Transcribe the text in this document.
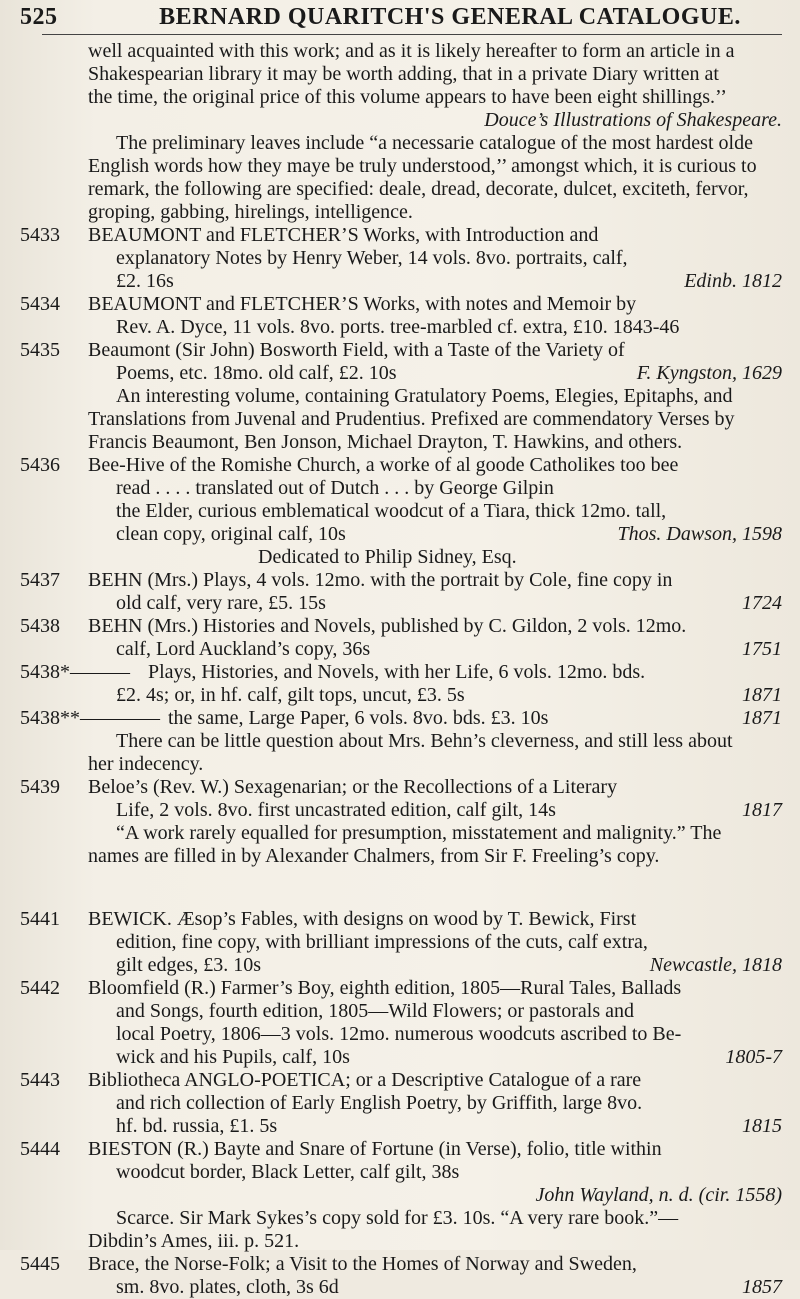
525	BERNARD QUARITCH'S GENERAL CATALOGUE.
well acquainted with this work; and as it is likely hereafter to form an article in a
Shakespearian library it may be worth adding, that in a private Diary written at
the time, the original price of this volume appears to have been eight shillings.’’
Douce’s Illustrations of Shakespeare.
The preliminary leaves include “a necessarie catalogue of the most hardest olde
English words how they maye be truly understood,’’ amongst which, it is curious to
remark, the following are specified: deale, dread, decorate, dulcet, exciteth, fervor,
groping, gabbing, hirelings, intelligence.
5433	BEAUMONT and FLETCHER’S Works, with Introduction and
explanatory Notes by Henry Weber, 14 vols. 8vo. portraits, calf,
£2. 16s	Edinb. 1812
5434	BEAUMONT and FLETCHER’S Works, with notes and Memoir by
Rev. A. Dyce, 11 vols. 8vo. ports. tree-marbled cf. extra, £10. 1843-46
5435	Beaumont (Sir John) Bosworth Field, with a Taste of the Variety of
Poems, etc. 18mo. old calf, £2. 10s	F. Kyngston, 1629
An interesting volume, containing Gratulatory Poems, Elegies, Epitaphs, and
Translations from Juvenal and Prudentius. Prefixed are commendatory Verses by
Francis Beaumont, Ben Jonson, Michael Drayton, T. Hawkins, and others.
5436	Bee-Hive of the Romishe Church, a worke of al goode Catholikes too bee
read . . . . translated out of Dutch . . . by George Gilpin
the Elder, curious emblematical woodcut of a Tiara, thick 12mo. tall,
clean copy, original calf, 10s	Thos. Dawson, 1598
Dedicated to Philip Sidney, Esq.
5437	BEHN (Mrs.) Plays, 4 vols. 12mo. with the portrait by Cole, fine copy in
old calf, very rare, £5. 15s	1724
5438	BEHN (Mrs.) Histories and Novels, published by C. Gildon, 2 vols. 12mo.
calf, Lord Auckland’s copy, 36s	1751
5438*——— Plays, Histories, and Novels, with her Life, 6 vols. 12mo. bds.
£2. 4s; or, in hf. calf, gilt tops, uncut, £3. 5s	1871
5438**———— the same, Large Paper, 6 vols. 8vo. bds. £3. 10s	1871
There can be little question about Mrs. Behn’s cleverness, and still less about
her indecency.
5439	Beloe’s (Rev. W.) Sexagenarian; or the Recollections of a Literary
Life, 2 vols. 8vo. first uncastrated edition, calf gilt, 14s	1817
“A work rarely equalled for presumption, misstatement and malignity.” The
names are filled in by Alexander Chalmers, from Sir F. Freeling’s copy.
5441	BEWICK. Æsop’s Fables, with designs on wood by T. Bewick, First
edition, fine copy, with brilliant impressions of the cuts, calf extra,
gilt edges, £3. 10s	Newcastle, 1818
5442	Bloomfield (R.) Farmer’s Boy, eighth edition, 1805—Rural Tales, Ballads
and Songs, fourth edition, 1805—Wild Flowers; or pastorals and
local Poetry, 1806—3 vols. 12mo. numerous woodcuts ascribed to Be-
wick and his Pupils, calf, 10s	1805-7
5443	Bibliotheca ANGLO-POETICA; or a Descriptive Catalogue of a rare
and rich collection of Early English Poetry, by Griffith, large 8vo.
hf. bd. russia, £1. 5s	1815
5444	BIESTON (R.) Bayte and Snare of Fortune (in Verse), folio, title within
woodcut border, Black Letter, calf gilt, 38s
John Wayland, n. d. (cir. 1558)
Scarce. Sir Mark Sykes’s copy sold for £3. 10s. “A very rare book.”—
Dibdin’s Ames, iii. p. 521.
5445	Brace, the Norse-Folk; a Visit to the Homes of Norway and Sweden,
sm. 8vo. plates, cloth, 3s 6d	1857
